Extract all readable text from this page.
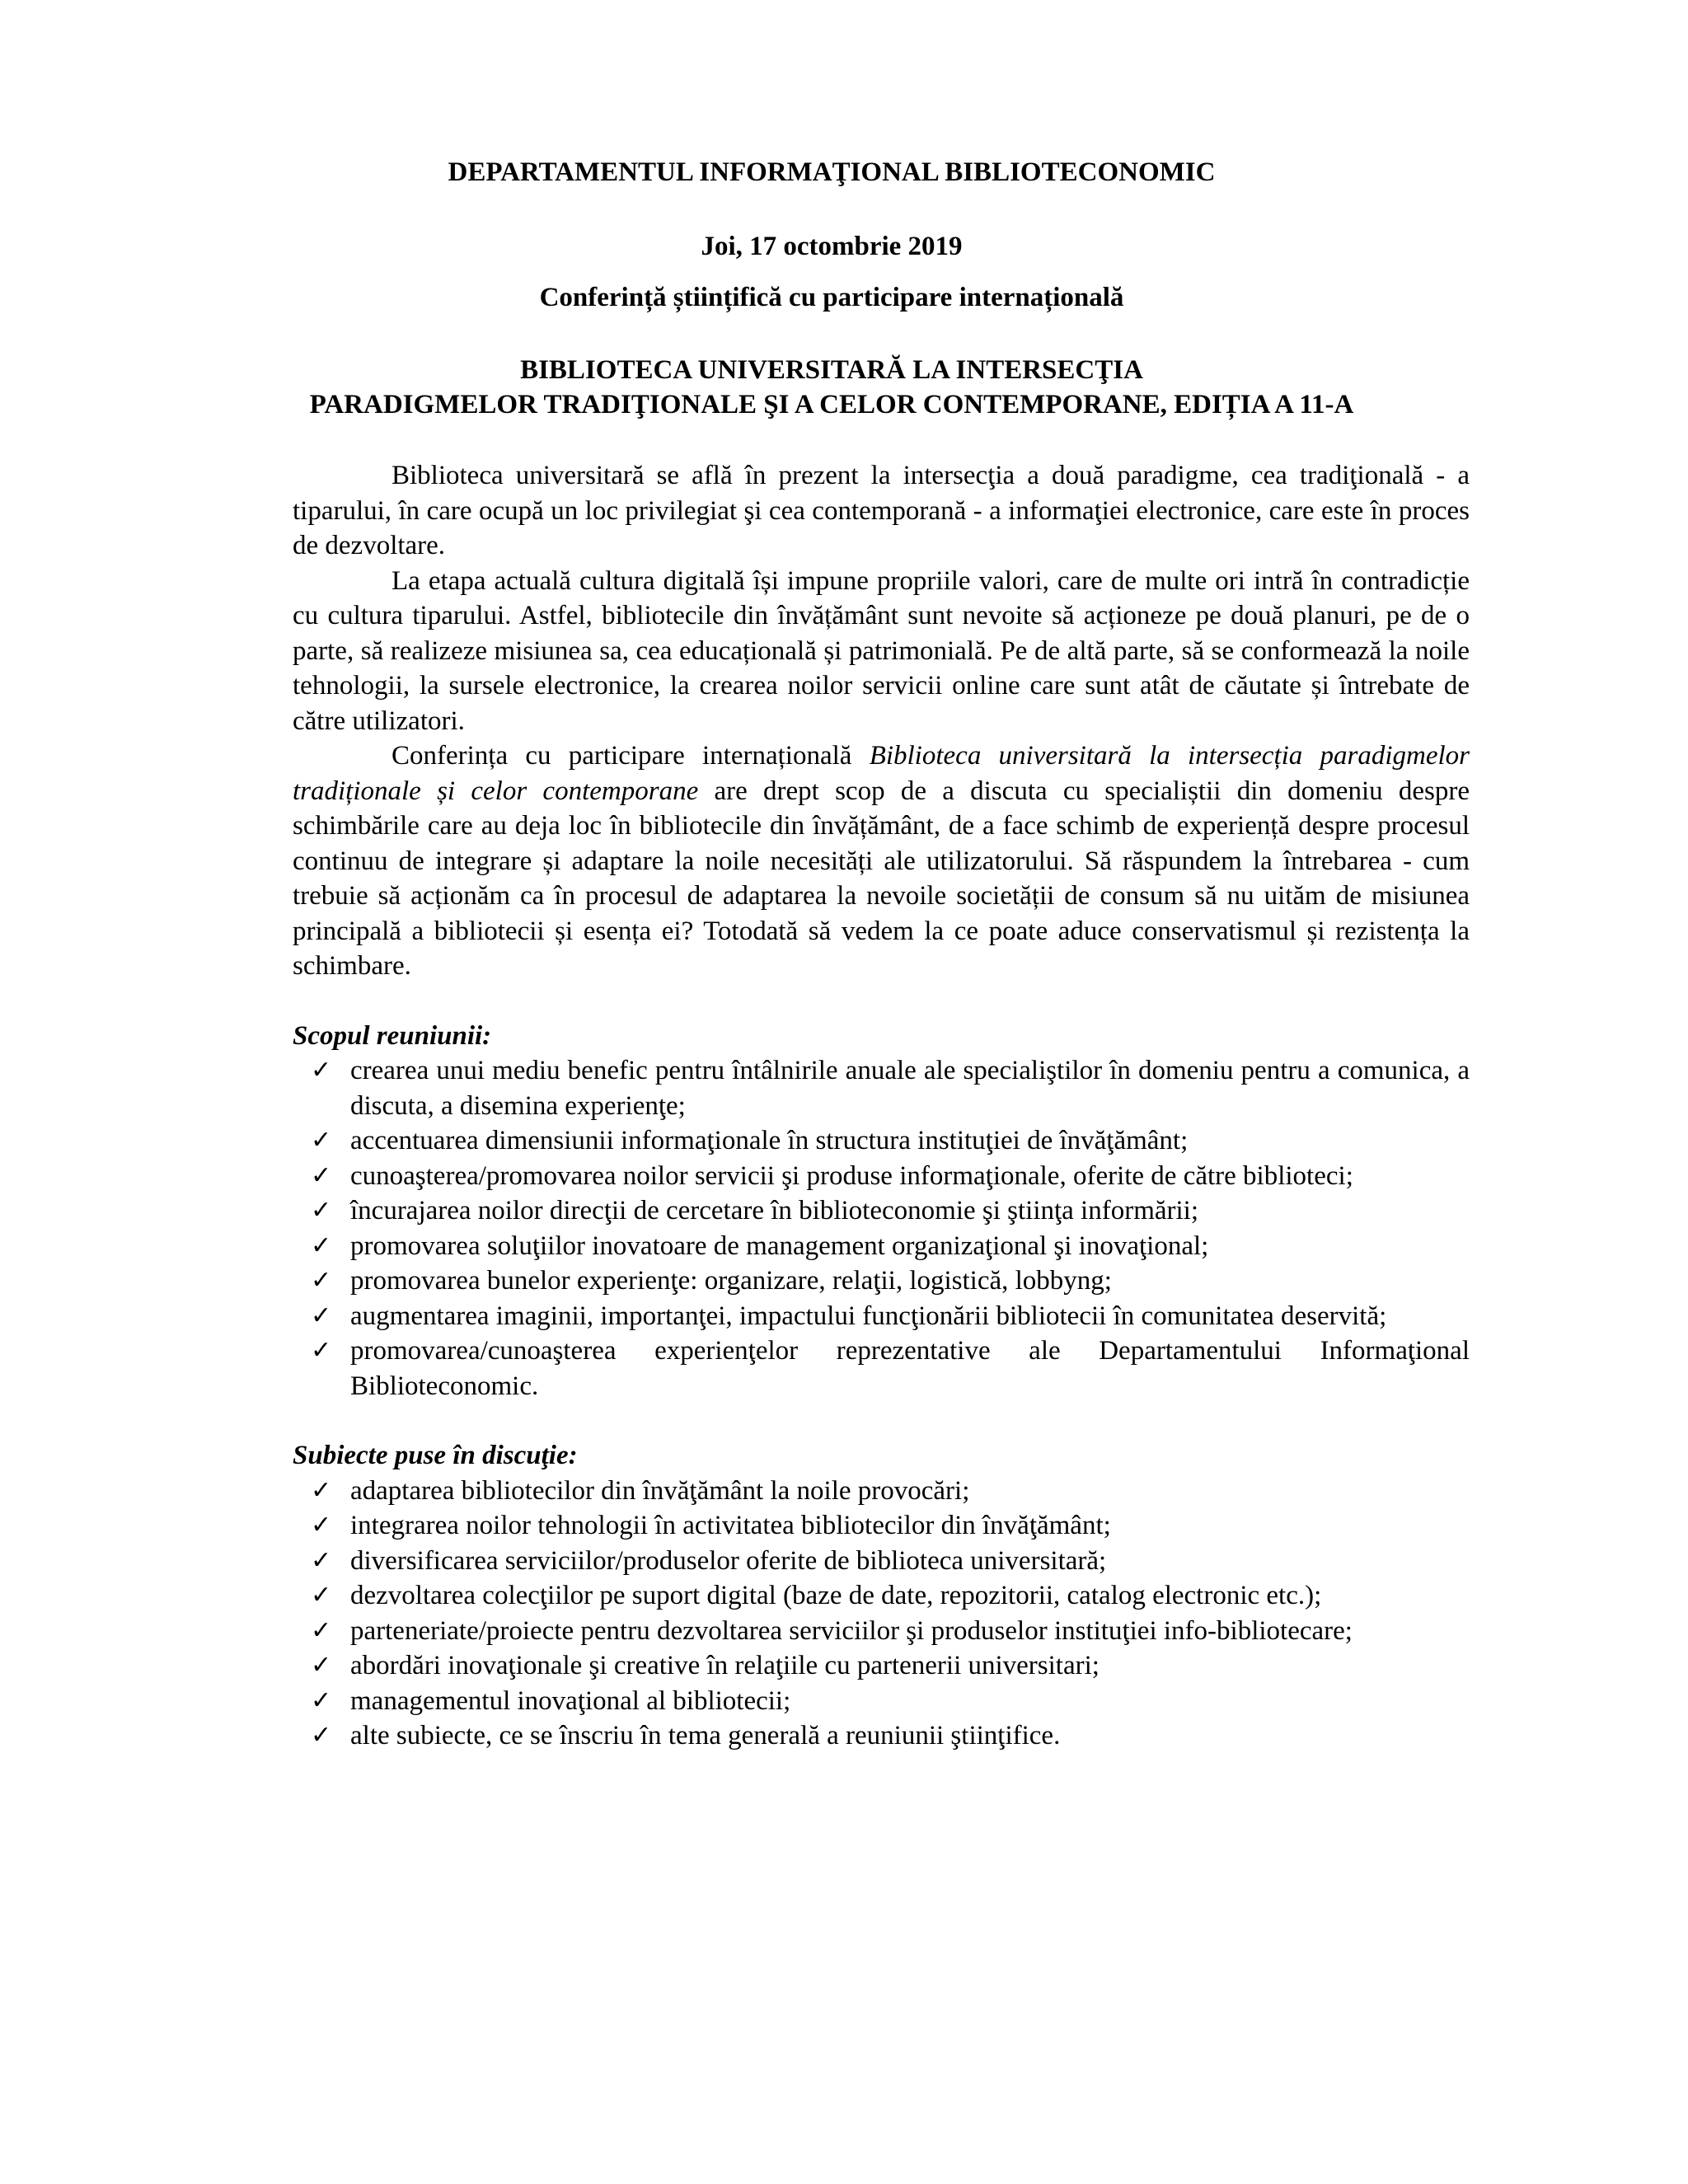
DEPARTAMENTUL INFORMAŢIONAL BIBLIOTECONOMIC
Joi, 17 octombrie 2019
Conferință științifică cu participare internațională
BIBLIOTECA UNIVERSITARĂ LA INTERSECŢIA
PARADIGMELOR TRADIŢIONALE ŞI A CELOR CONTEMPORANE, EDIȚIA A 11-A

Biblioteca universitară se află în prezent la intersecţia a două paradigme, cea tradiţională - a tiparului, în care ocupă un loc privilegiat şi cea contemporană - a informaţiei electronice, care este în proces de dezvoltare.

La etapa actuală cultura digitală își impune propriile valori, care de multe ori intră în contradicție cu cultura tiparului. Astfel, bibliotecile din învățământ sunt nevoite să acționeze pe două planuri, pe de o parte, să realizeze misiunea sa, cea educațională și patrimonială. Pe de altă parte, să se conformează la noile tehnologii, la sursele electronice, la crearea noilor servicii online care sunt atât de căutate și întrebate de către utilizatori.

Conferința cu participare internațională Biblioteca universitară la intersecția paradigmelor tradiționale și celor contemporane are drept scop de a discuta cu specialiștii din domeniu despre schimbările care au deja loc în bibliotecile din învățământ, de a face schimb de experiență despre procesul continuu de integrare și adaptare la noile necesități ale utilizatorului. Să răspundem la întrebarea - cum trebuie să acționăm ca în procesul de adaptarea la nevoile societății de consum să nu uităm de misiunea principală a bibliotecii și esența ei? Totodată să vedem la ce poate aduce conservatismul și rezistența la schimbare.

Scopul reuniunii:
✓ crearea unui mediu benefic pentru întâlnirile anuale ale specialiştilor în domeniu pentru a comunica, a discuta, a disemina experienţe;
✓ accentuarea dimensiunii informaţionale în structura instituţiei de învăţământ;
✓ cunoaşterea/promovarea noilor servicii şi produse informaţionale, oferite de către biblioteci;
✓ încurajarea noilor direcţii de cercetare în biblioteconomie şi ştiinţa informării;
✓ promovarea soluţiilor inovatoare de management organizaţional şi inovaţional;
✓ promovarea bunelor experienţe: organizare, relaţii, logistică, lobbyng;
✓ augmentarea imaginii, importanţei, impactului funcţionării bibliotecii în comunitatea deservită;
✓ promovarea/cunoaşterea experienţelor reprezentative ale Departamentului Informaţional Biblioteconomic.
Subiecte puse în discuţie:
✓ adaptarea bibliotecilor din învăţământ la noile provocări;
✓ integrarea noilor tehnologii în activitatea bibliotecilor din învăţământ;
✓ diversificarea serviciilor/produselor oferite de biblioteca universitară;
✓ dezvoltarea colecţiilor pe suport digital (baze de date, repozitorii, catalog electronic etc.);
✓ parteneriate/proiecte pentru dezvoltarea serviciilor şi produselor instituţiei info-bibliotecare;
✓ abordări inovaţionale şi creative în relaţiile cu partenerii universitari;
✓ managementul inovaţional al bibliotecii;
✓ alte subiecte, ce se înscriu în tema generală a reuniunii ştiinţifice.
